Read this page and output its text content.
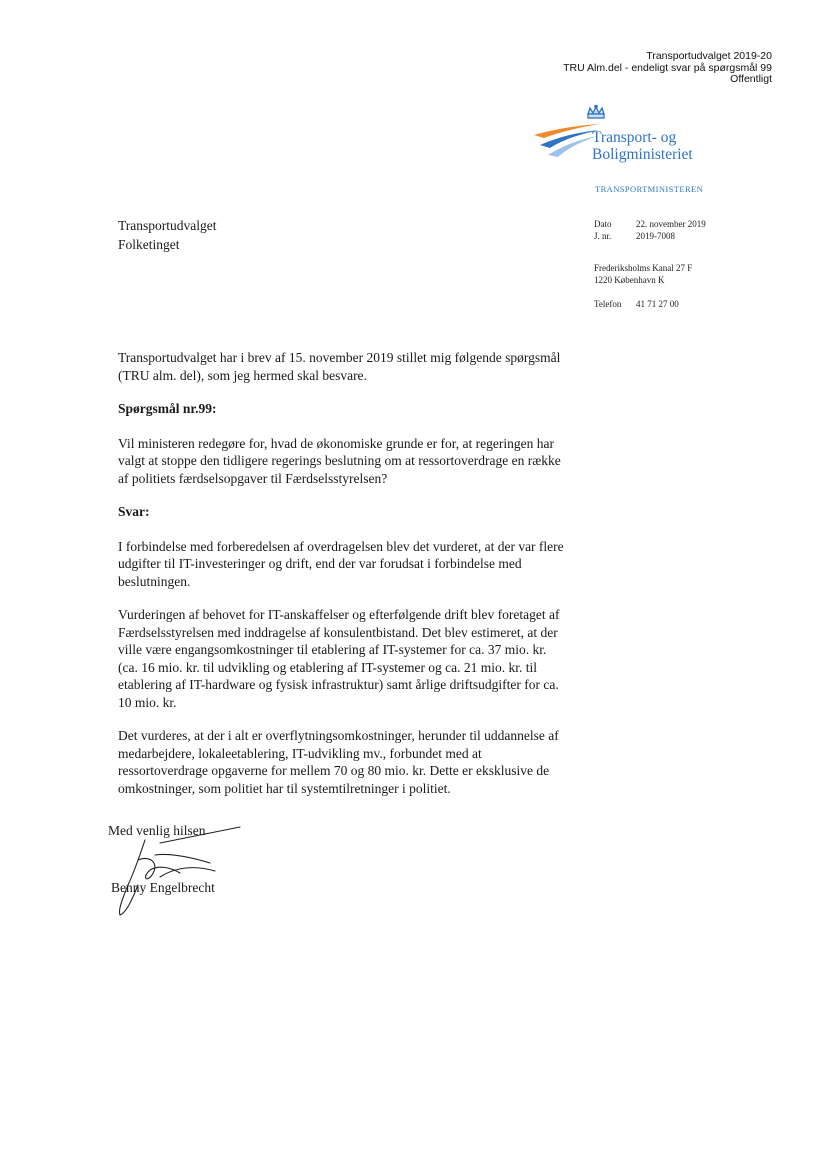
Transportudvalget 2019-20
TRU Alm.del - endeligt svar på spørgsmål 99
Offentligt
Transport- og
Boligministeriet
TRANSPORTMINISTEREN
Transportudvalget
Folketinget
Dato	22. november 2019
J. nr.	2019-7008
Frederiksholms Kanal 27 F
1220 København K
Telefon	41 71 27 00

Transportudvalget har i brev af 15. november 2019 stillet mig følgende spørgsmål (TRU alm. del), som jeg hermed skal besvare.

Spørgsmål nr.99:

Vil ministeren redegøre for, hvad de økonomiske grunde er for, at regeringen har valgt at stoppe den tidligere regerings beslutning om at ressortoverdrage en række af politiets færdselsopgaver til Færdselsstyrelsen?

Svar:

I forbindelse med forberedelsen af overdragelsen blev det vurderet, at der var flere udgifter til IT-investeringer og drift, end der var forudsat i forbindelse med beslutningen.

Vurderingen af behovet for IT-anskaffelser og efterfølgende drift blev foretaget af Færdselsstyrelsen med inddragelse af konsulentbistand. Det blev estimeret, at der ville være engangsomkostninger til etablering af IT-systemer for ca. 37 mio. kr. (ca. 16 mio. kr. til udvikling og etablering af IT-systemer og ca. 21 mio. kr. til etablering af IT-hardware og fysisk infrastruktur) samt årlige driftsudgifter for ca. 10 mio. kr.

Det vurderes, at der i alt er overflytningsomkostninger, herunder til uddannelse af medarbejdere, lokaleetablering, IT-udvikling mv., forbundet med at ressortoverdrage opgaverne for mellem 70 og 80 mio. kr. Dette er eksklusive de omkostninger, som politiet har til systemtilretninger i politiet.

Med venlig hilsen
Benny Engelbrecht
